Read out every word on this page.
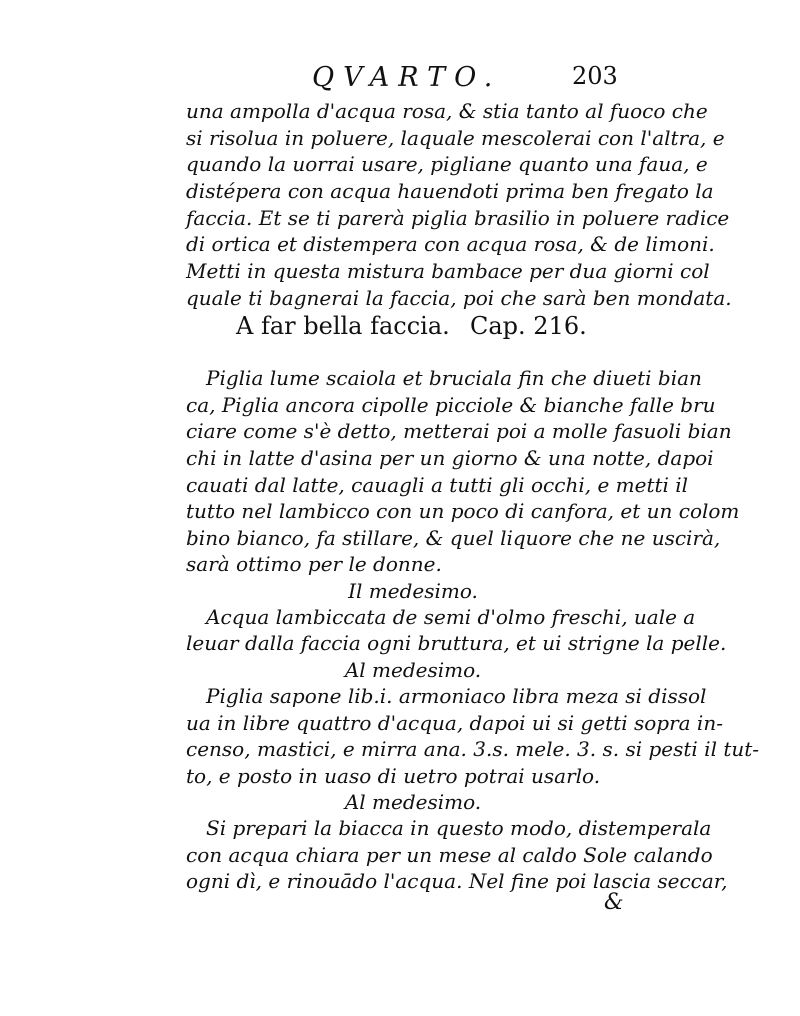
QVARTO.	203
una ampolla d'acqua rosa, & stia tanto al fuoco che
si risolua in poluere, laquale mescolerai con l'altra, e
quando la uorrai usare, pigliane quanto una faua, e
distépera con acqua hauendoti prima ben fregato la
faccia. Et se ti parerà piglia brasilio in poluere radice
di ortica et distempera con acqua rosa, & de limoni.
Metti in questa mistura bambace per dua giorni col
quale ti bagnerai la faccia, poi che sarà ben mondata.
A far bella faccia. Cap. 216.
Piglia lume scaiola et bruciala fin che diueti bian
ca, Piglia ancora cipolle picciole & bianche falle bru
ciare come s'è detto, metterai poi a molle fasuoli bian
chi in latte d'asina per un giorno & una notte, dapoi
cauati dal latte, cauagli a tutti gli occhi, e metti il
tutto nel lambicco con un poco di canfora, et un colom
bino bianco, fa stillare, & quel liquore che ne uscirà,
sarà ottimo per le donne.
Il medesimo.
Acqua lambiccata de semi d'olmo freschi, uale a
leuar dalla faccia ogni bruttura, et ui strigne la pelle.
Al medesimo.
Piglia sapone lib.i. armoniaco libra meza si dissol
ua in libre quattro d'acqua, dapoi ui si getti sopra in-
censo, mastici, e mirra ana. 3.s. mele. 3. s. si pesti il tut-
to, e posto in uaso di uetro potrai usarlo.
Al medesimo.
Si prepari la biacca in questo modo, distemperala
con acqua chiara per un mese al caldo Sole calando
ogni dì, e rinouādo l'acqua. Nel fine poi lascia seccar,
&
